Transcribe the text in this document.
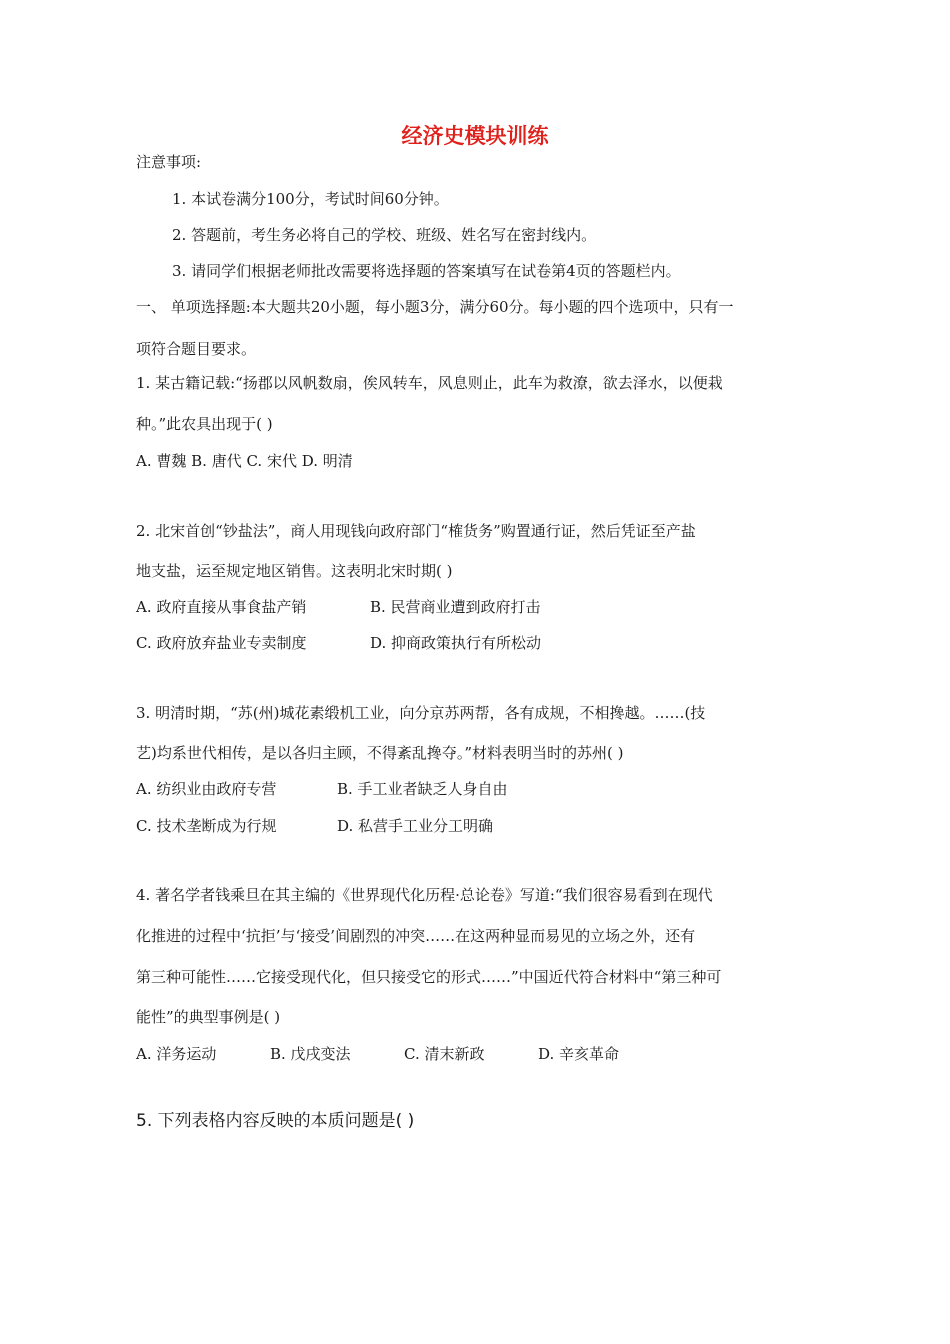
经济史模块训练
注意事项:
1. 本试卷满分100分，考试时间60分钟。
2. 答题前，考生务必将自己的学校、班级、姓名写在密封线内。
3. 请同学们根据老师批改需要将选择题的答案填写在试卷第4页的答题栏内。
一、 单项选择题:本大题共20小题，每小题3分，满分60分。每小题的四个选项中，只有一
项符合题目要求。
1. 某古籍记载:“扬郡以风帆数扇，俟风转车，风息则止，此车为救潦，欲去泽水，以便栽
种。”此农具出现于( )
A. 曹魏 B. 唐代 C. 宋代 D. 明清
2. 北宋首创“钞盐法”，商人用现钱向政府部门“榷货务”购置通行证，然后凭证至产盐
地支盐，运至规定地区销售。这表明北宋时期( )
A. 政府直接从事食盐产销	B. 民营商业遭到政府打击
C. 政府放弃盐业专卖制度	D. 抑商政策执行有所松动
3. 明清时期，“苏(州)城花素缎机工业，向分京苏两帮，各有成规，不相搀越。……(技
艺)均系世代相传，是以各归主顾，不得紊乱搀夺。”材料表明当时的苏州( )
A. 纺织业由政府专营	B. 手工业者缺乏人身自由
C. 技术垄断成为行规	D. 私营手工业分工明确
4. 著名学者钱乘旦在其主编的《世界现代化历程·总论卷》写道:“我们很容易看到在现代
化推进的过程中‘抗拒’与‘接受’间剧烈的冲突……在这两种显而易见的立场之外，还有
第三种可能性……它接受现代化，但只接受它的形式……”中国近代符合材料中“第三种可
能性”的典型事例是( )
A. 洋务运动	B. 戊戌变法	C. 清末新政	D. 辛亥革命
5. 下列表格内容反映的本质问题是( )
